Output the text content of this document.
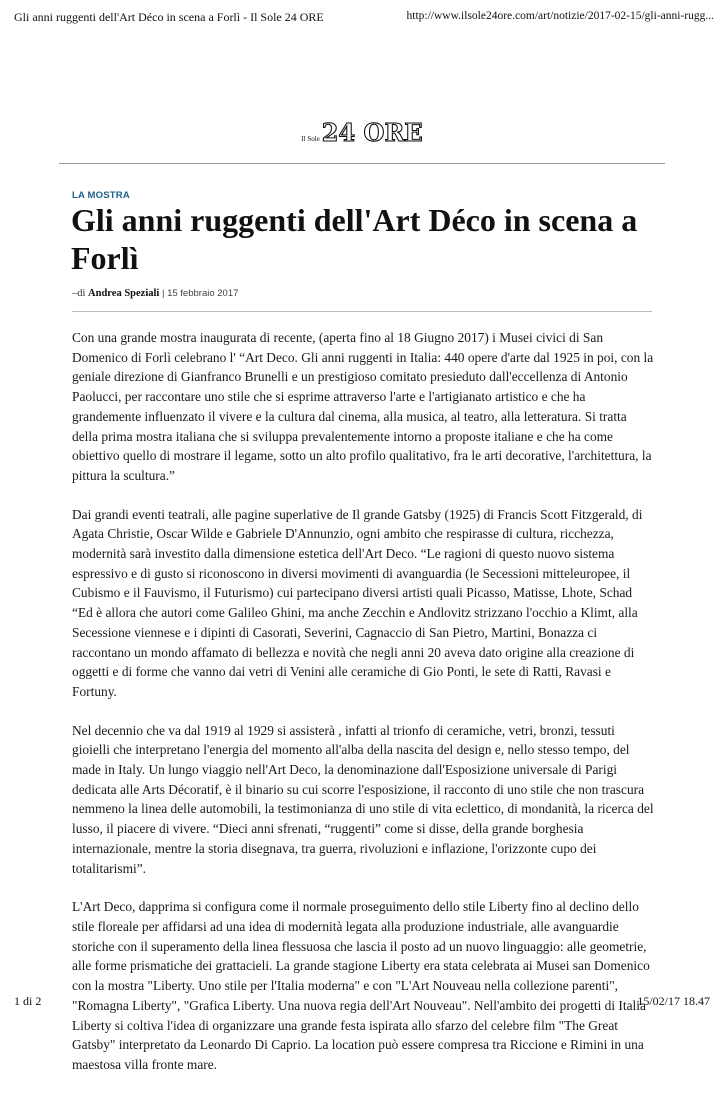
Gli anni ruggenti dell'Art Déco in scena a Forlì - Il Sole 24 ORE	http://www.ilsole24ore.com/art/notizie/2017-02-15/gli-anni-rugg...
Il Sole 24 ORE
LA MOSTRA
Gli anni ruggenti dell'Art Déco in scena a Forlì
–di Andrea Speziali | 15 febbraio 2017

Con una grande mostra inaugurata di recente, (aperta fino al 18 Giugno 2017) i Musei civici di San Domenico di Forlì celebrano l' “Art Deco. Gli anni ruggenti in Italia: 440 opere d'arte dal 1925 in poi, con la geniale direzione di Gianfranco Brunelli e un prestigioso comitato presieduto dall'eccellenza di Antonio Paolucci, per raccontare uno stile che si esprime attraverso l'arte e l'artigianato artistico e che ha grandemente influenzato il vivere e la cultura dal cinema, alla musica, al teatro, alla letteratura. Si tratta della prima mostra italiana che si sviluppa prevalentemente intorno a proposte italiane e che ha come obiettivo quello di mostrare il legame, sotto un alto profilo qualitativo, fra le arti decorative, l'architettura, la pittura la scultura.”

Dai grandi eventi teatrali, alle pagine superlative de Il grande Gatsby (1925) di Francis Scott Fitzgerald, di Agata Christie, Oscar Wilde e Gabriele D'Annunzio, ogni ambito che respirasse di cultura, ricchezza, modernità sarà investito dalla dimensione estetica dell'Art Deco. “Le ragioni di questo nuovo sistema espressivo e di gusto si riconoscono in diversi movimenti di avanguardia (le Secessioni mitteleuropee, il Cubismo e il Fauvismo, il Futurismo) cui partecipano diversi artisti quali Picasso, Matisse, Lhote, Schad “Ed è allora che autori come Galileo Ghini, ma anche Zecchin e Andlovitz strizzano l'occhio a Klimt, alla Secessione viennese e i dipinti di Casorati, Severini, Cagnaccio di San Pietro, Martini, Bonazza ci raccontano un mondo affamato di bellezza e novità che negli anni 20 aveva dato origine alla creazione di oggetti e di forme che vanno dai vetri di Venini alle ceramiche di Gio Ponti, le sete di Ratti, Ravasi e Fortuny.

Nel decennio che va dal 1919 al 1929 si assisterà , infatti al trionfo di ceramiche, vetri, bronzi, tessuti gioielli che interpretano l'energia del momento all'alba della nascita del design e, nello stesso tempo, del made in Italy. Un lungo viaggio nell'Art Deco, la denominazione dall'Esposizione universale di Parigi dedicata alle Arts Décoratif, è il binario su cui scorre l'esposizione, il racconto di uno stile che non trascura nemmeno la linea delle automobili, la testimonianza di uno stile di vita eclettico, di mondanità, la ricerca del lusso, il piacere di vivere. “Dieci anni sfrenati, “ruggenti” come si disse, della grande borghesia internazionale, mentre la storia disegnava, tra guerra, rivoluzioni e inflazione, l'orizzonte cupo dei totalitarismi”.

L'Art Deco, dapprima si configura come il normale proseguimento dello stile Liberty fino al declino dello stile floreale per affidarsi ad una idea di modernità legata alla produzione industriale, alle avanguardie storiche con il superamento della linea flessuosa che lascia il posto ad un nuovo linguaggio: alle geometrie, alle forme prismatiche dei grattacieli. La grande stagione Liberty era stata celebrata ai Musei san Domenico con la mostra "Liberty. Uno stile per l'Italia moderna" e con "L'Art Nouveau nella collezione parenti", "Romagna Liberty", "Grafica Liberty. Una nuova regia dell'Art Nouveau". Nell'ambito dei progetti di Italia Liberty si coltiva l'idea di organizzare una grande festa ispirata allo sfarzo del celebre film "The Great Gatsby" interpretato da Leonardo Di Caprio. La location può essere compresa tra Riccione e Rimini in una maestosa villa fronte mare.

1 di 2	15/02/17 18.47
